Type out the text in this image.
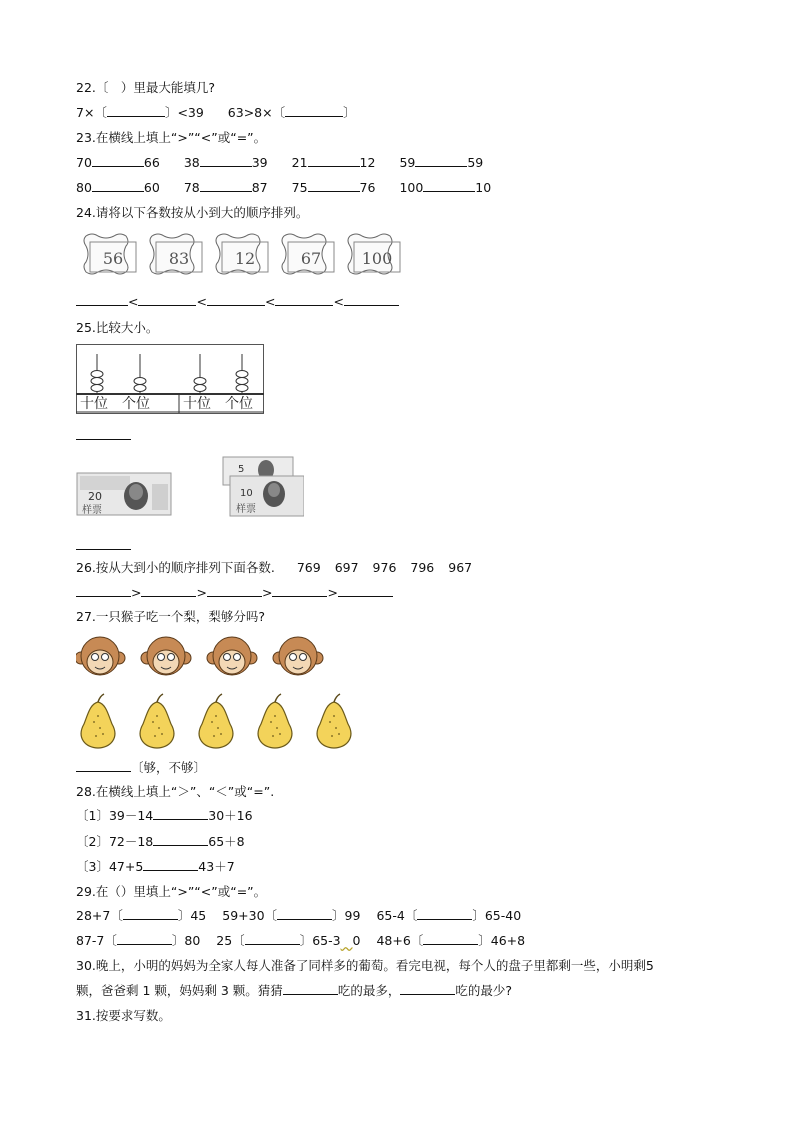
22.〔　）里最大能填几?
7×〔	〕<39 63>8×〔	〕
23.在横线上填上“>”“<”或“=”。
70	66 38	39 21	12 59	59
80	60 78	87 75	76 100	10
24.请将以下各数按从小到大的顺序排列。
56	83	12	67	100
<	<	<	<
25.比较大小。
十位 个位 十位 个位
20
样票
5
10
样票
26.按从大到小的顺序排列下面各数. 769 697 976 796 967
>	>	>	>
27.一只猴子吃一个梨，梨够分吗?
〔够，不够〕
28.在横线上填上“＞”、“＜”或“=”.
〔1〕39－14	30＋16
〔2〕72－18	65＋8
〔3〕47+5	43＋7
29.在（）里填上“>”“<”或“=”。
28+7〔	〕45 59+30〔	〕99 65-4〔	〕65-40
87-7〔	〕80 25〔	〕65-3 0 48+6〔	〕46+8
30.晚上，小明的妈妈为全家人每人准备了同样多的葡萄。看完电视，每个人的盘子里都剩一些，小明剩5
颗，爸爸剩 1 颗，妈妈剩 3 颗。猜猜	吃的最多，	吃的最少?
31.按要求写数。
